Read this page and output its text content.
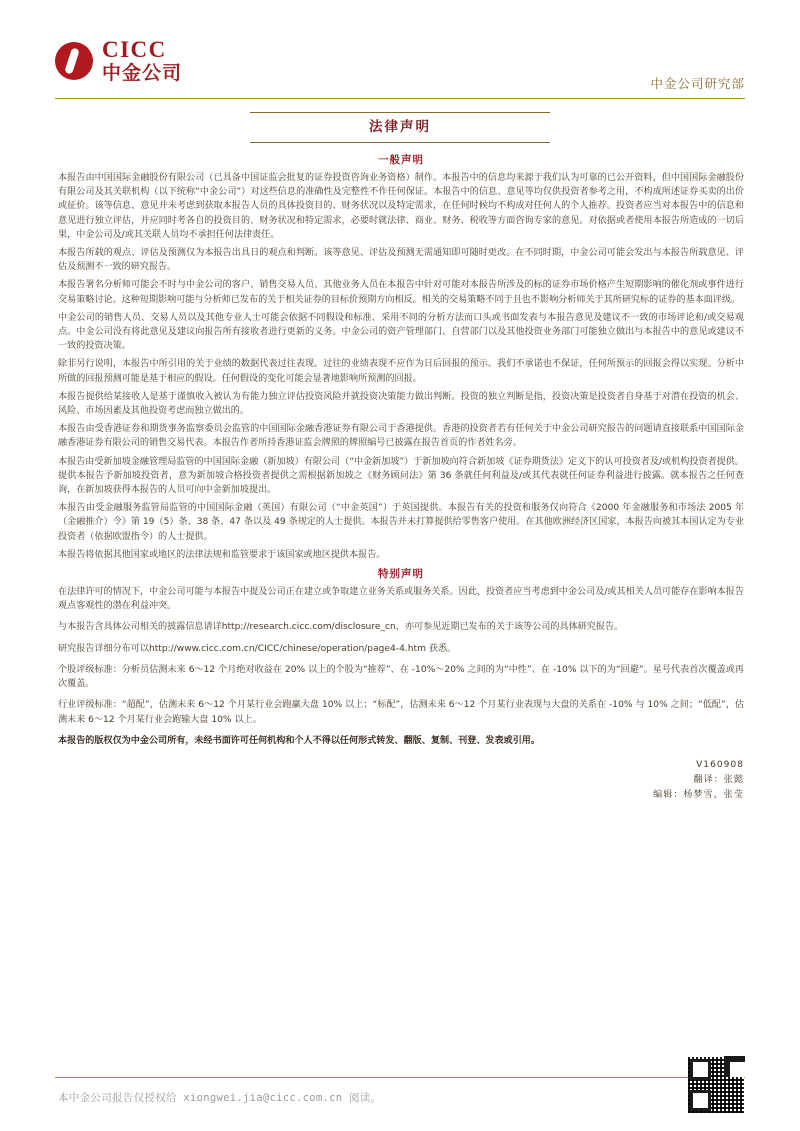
CICC
中金公司	中金公司研究部
法律声明
一般声明

本报告由中国国际金融股份有限公司（已具备中国证监会批复的证券投资咨询业务资格）制作。本报告中的信息均来源于我们认为可靠的已公开资料，但中国国际金融股份有限公司及其关联机构（以下统称“中金公司”）对这些信息的准确性及完整性不作任何保证。本报告中的信息、意见等均仅供投资者参考之用，不构成所述证券买卖的出价或征价。该等信息、意见并未考虑到获取本报告人员的具体投资目的、财务状况以及特定需求，在任何时候均不构成对任何人的个人推荐。投资者应当对本报告中的信息和意见进行独立评估，并应同时考各自的投资目的、财务状况和特定需求，必要时就法律、商业、财务、税收等方面咨询专家的意见。对依据或者使用本报告所造成的一切后果，中金公司及/或其关联人员均不承担任何法律责任。

本报告所载的观点、评估及预测仅为本报告出具日的观点和判断。该等意见、评估及预测无需通知即可随时更改。在不同时期，中金公司可能会发出与本报告所载意见、评估及预测不一致的研究报告。

本报告署名分析师可能会不时与中金公司的客户、销售交易人员、其他业务人员在本报告中针对可能对本报告所涉及的标的证券市场价格产生短期影响的催化剂或事件进行交易策略讨论。这种短期影响可能与分析师已发布的关于相关证券的目标价预期方向相反。相关的交易策略不同于且也不影响分析师关于其所研究标的证券的基本面评级。

中金公司的销售人员、交易人员以及其他专业人士可能会依据不同假设和标准、采用不同的分析方法而口头或书面发表与本报告意见及建议不一致的市场评论和/或交易观点。中金公司没有将此意见及建议向报告所有接收者进行更新的义务。中金公司的资产管理部门、自营部门以及其他投资业务部门可能独立做出与本报告中的意见或建议不一致的投资决策。

除非另行说明，本报告中所引用的关于业绩的数据代表过往表现。过往的业绩表现不应作为日后回报的预示。我们不承诺也不保证，任何所预示的回报会得以实现。分析中所做的回报预测可能是基于相应的假设。任何假设的变化可能会显著地影响所预测的回报。

本报告提供给某接收人是基于谨慎收入被认为有能力独立评估投资风险并就投资决策能力做出判断。投资的独立判断是指，投资决策是投资者自身基于对潜在投资的机会、风险、市场因素及其他投资考虑而独立做出的。

本报告由受香港证券和期货事务监察委员会监管的中国国际金融香港证券有限公司于香港提供。香港的投资者若有任何关于中金公司研究报告的问题请直接联系中国国际金融香港证券有限公司的销售交易代表。本报告作者所持香港证监会牌照的牌照编号已披露在报告首页的作者姓名旁。

本报告由受新加坡金融管理局监管的中国国际金融（新加坡）有限公司（“中金新加坡”）于新加坡向符合新加坡《证券期货法》定义下的认可投资者及/或机构投资者提供。提供本报告予新加坡投资者，意为新加坡合格投资者提供之需根据新加坡之《财务顾问法》第 36 条就任何利益及/或其代表就任何证券利益进行披露。就本报告之任何查询，在新加坡获得本报告的人员可向中金新加坡提出。

本报告由受金融服务监管局监管的中国国际金融（英国）有限公司（“中金英国”）于英国提供。本报告有关的投资和服务仅向符合《2000 年金融服务和市场法 2005 年（金融推介）令》第 19（5）条、38 条、47 条以及 49 条规定的人士提供。本报告并未打算提供给零售客户使用。在其他欧洲经济区国家，本报告向被其本国认定为专业投资者（依据欧盟指令）的人士提供。

本报告将依据其他国家或地区的法律法规和监管要求于该国家或地区提供本报告。

特别声明

在法律许可的情况下，中金公司可能与本报告中提及公司正在建立或争取建立业务关系或服务关系。因此，投资者应当考虑到中金公司及/或其相关人员可能存在影响本报告观点客观性的潜在利益冲突。

与本报告含具体公司相关的披露信息请详http://research.cicc.com/disclosure_cn，亦可参见近期已发布的关于该等公司的具体研究报告。

研究报告详细分布可以http://www.cicc.com.cn/CICC/chinese/operation/page4-4.htm 获悉。

个股评级标准：分析员估测未来 6～12 个月绝对收益在 20% 以上的个股为“推荐”、在 -10%～20% 之间的为“中性”、在 -10% 以下的为“回避”。星号代表首次覆盖或再次覆盖。

行业评级标准：“超配”，估测未来 6～12 个月某行业会跑赢大盘 10% 以上；“标配”，估测未来 6～12 个月某行业表现与大盘的关系在 -10% 与 10% 之间；“低配”，估测未来 6～12 个月某行业会跑输大盘 10% 以上。

本报告的版权仅为中金公司所有，未经书面许可任何机构和个人不得以任何形式转发、翻版、复制、刊登、发表或引用。

V160908
翻译：张懿
编辑：杨梦雪，张莹
本中金公司报告仅授权给 xiongwei.jia@cicc.com.cn 阅读。
